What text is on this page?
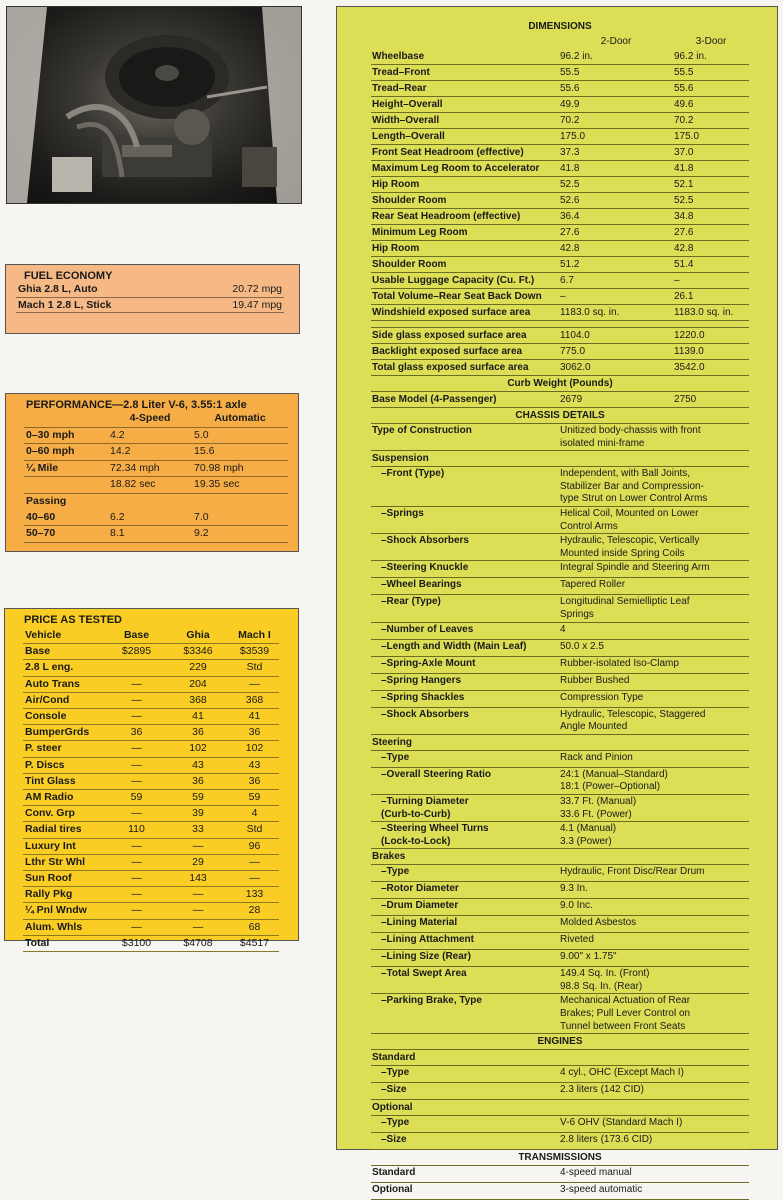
FUEL ECONOMY
Ghia 2.8 L, Auto	20.72 mpg
Mach 1 2.8 L, Stick	19.47 mpg
PERFORMANCE—2.8 Liter V-6, 3.55:1 axle
	4-Speed	Automatic
0–30 mph	4.2	5.0
0–60 mph	14.2	15.6
¼ Mile	72.34 mph	70.98 mph
	18.82 sec	19.35 sec
Passing		
40–60	6.2	7.0
50–70	8.1	9.2
PRICE AS TESTED
Vehicle	Base	Ghia	Mach I
Base	$2895	$3346	$3539
2.8 L eng.		229	Std
Auto Trans	—	204	—
Air/Cond	—	368	368
Console	—	41	41
BumperGrds	36	36	36
P. steer	—	102	102
P. Discs	—	43	43
Tint Glass	—	36	36
AM Radio	59	59	59
Conv. Grp	—	39	4
Radial tires	110	33	Std
Luxury Int	—	—	96
Lthr Str Whl	—	29	—
Sun Roof	—	143	—
Rally Pkg	—	—	133
¼ Pnl Wndw	—	—	28
Alum. Whls	—	—	68
Total	$3100	$4708	$4517
DIMENSIONS		
	2-Door	3-Door
Wheelbase	96.2 in.	96.2 in.
Tread–Front	55.5	55.5
Tread–Rear	55.6	55.6
Height–Overall	49.9	49.6
Width–Overall	70.2	70.2
Length–Overall	175.0	175.0
Front Seat Headroom (effective)	37.3	37.0
Maximum Leg Room to Accelerator	41.8	41.8
Hip Room	52.5	52.1
Shoulder Room	52.6	52.5
Rear Seat Headroom (effective)	36.4	34.8
Minimum Leg Room	27.6	27.6
Hip Room	42.8	42.8
Shoulder Room	51.2	51.4
Usable Luggage Capacity (Cu. Ft.)	6.7	–
Total Volume–Rear Seat Back Down	–	26.1
Windshield exposed surface area	1183.0 sq. in.	1183.0 sq. in.

Side glass exposed surface area	1104.0	1220.0
Backlight exposed surface area	775.0	1139.0
Total glass exposed surface area	3062.0	3542.0
Curb Weight (Pounds)		
Base Model (4-Passenger)	2679	2750
CHASSIS DETAILS		
Type of Construction	Unitized body-chassis with front isolated mini-frame	
Suspension		
–Front (Type)	Independent, with Ball Joints, Stabilizer Bar and Compression-type Strut on Lower Control Arms	
–Springs	Helical Coil, Mounted on Lower Control Arms	
–Shock Absorbers	Hydraulic, Telescopic, Vertically Mounted inside Spring Coils	
–Steering Knuckle	Integral Spindle and Steering Arm	
–Wheel Bearings	Tapered Roller	
–Rear (Type)	Longitudinal Semielliptic Leaf Springs	
–Number of Leaves	4	
–Length and Width (Main Leaf)	50.0 x 2.5	
–Spring-Axle Mount	Rubber-isolated Iso-Clamp	
–Spring Hangers	Rubber Bushed	
–Spring Shackles	Compression Type	
–Shock Absorbers	Hydraulic, Telescopic, Staggered Angle Mounted	
Steering		
–Type	Rack and Pinion	
–Overall Steering Ratio	24:1 (Manual–Standard)
18:1 (Power–Optional)	
–Turning Diameter
(Curb-to-Curb)	33.7 Ft. (Manual)
33.6 Ft. (Power)	
–Steering Wheel Turns
(Lock-to-Lock)	4.1 (Manual)
3.3 (Power)	
Brakes		
–Type	Hydraulic, Front Disc/Rear Drum	
–Rotor Diameter	9.3 In.	
–Drum Diameter	9.0 Inc.	
–Lining Material	Molded Asbestos	
–Lining Attachment	Riveted	
–Lining Size (Rear)	9.00" x 1.75"	
–Total Swept Area	149.4 Sq. In. (Front)
98.8 Sq. In. (Rear)	
–Parking Brake, Type	Mechanical Actuation of Rear Brakes; Pull Lever Control on Tunnel between Front Seats	
ENGINES		
Standard		
–Type	4 cyl., OHC (Except Mach I)	
–Size	2.3 liters (142 CID)	
Optional		
–Type	V-6 OHV (Standard Mach I)	
–Size	2.8 liters (173.6 CID)	
TRANSMISSIONS		
Standard	4-speed manual	
Optional	3-speed automatic	
